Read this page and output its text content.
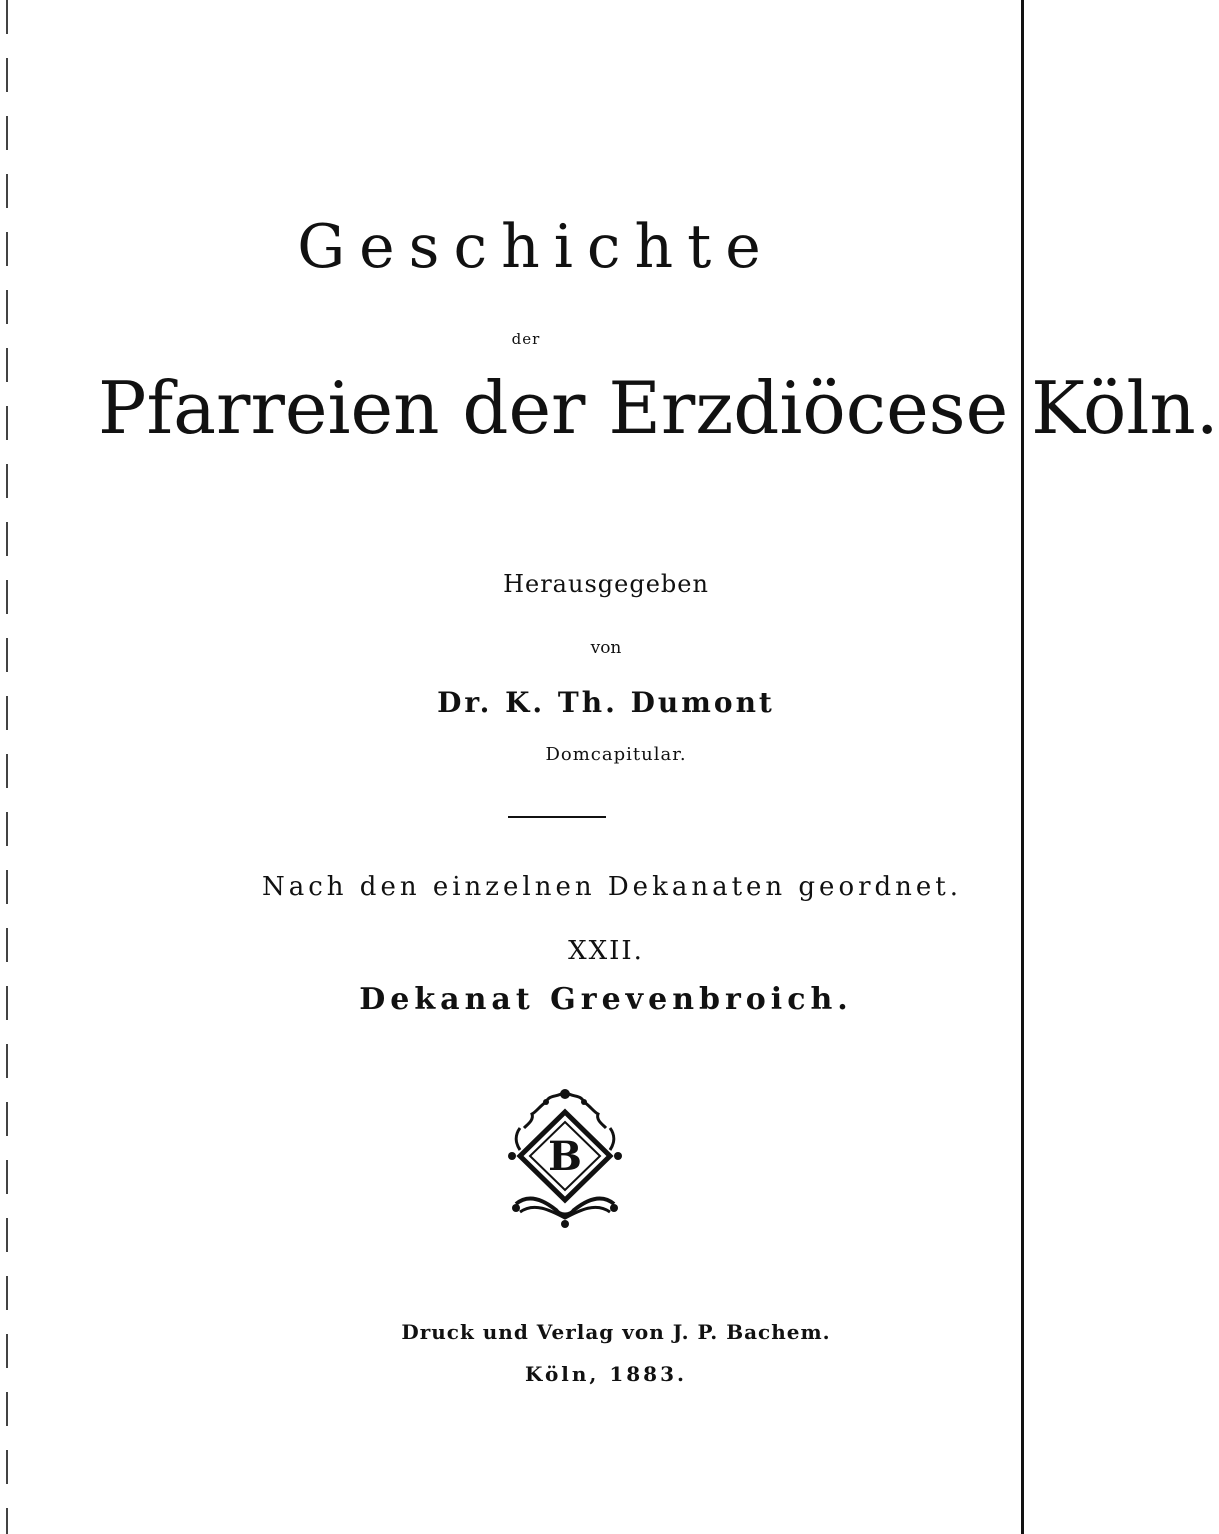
Geschichte
der
Pfarreien der Erzdiöcese Köln.
Herausgegeben
von
Dr. K. Th. Dumont
Domcapitular.
Nach den einzelnen Dekanaten geordnet.
XXII.
Dekanat Grevenbroich.
B
Druck und Verlag von J. P. Bachem.
Köln, 1883.
